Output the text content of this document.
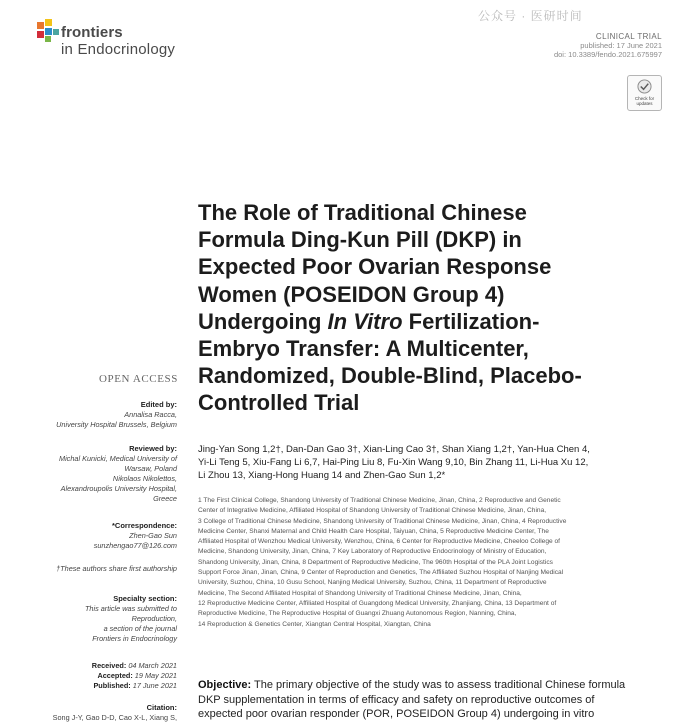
frontiers
in Endocrinology
公众号 · 医研时间
CLINICAL TRIAL
published: 17 June 2021
doi: 10.3389/fendo.2021.675997
Check for
updates
The Role of Traditional Chinese
Formula Ding-Kun Pill (DKP) in
Expected Poor Ovarian Response
Women (POSEIDON Group 4)
Undergoing In Vitro Fertilization-
Embryo Transfer: A Multicenter,
Randomized, Double-Blind, Placebo-
Controlled Trial
OPEN ACCESS
Edited by:
Annalisa Racca,
University Hospital Brussels, Belgium
Reviewed by:
Michal Kunicki, Medical University of
Warsaw, Poland
Nikolaos Nikolettos,
Alexandroupolis University Hospital,
Greece
*Correspondence:
Zhen-Gao Sun
sunzhengao77@126.com
†These authors share first authorship
Specialty section:
This article was submitted to
Reproduction,
a section of the journal
Frontiers in Endocrinology
Received: 04 March 2021
Accepted: 19 May 2021
Published: 17 June 2021
Citation:
Song J-Y, Gao D-D, Cao X-L, Xiang S,
Jing-Yan Song 1,2†, Dan-Dan Gao 3†, Xian-Ling Cao 3†, Shan Xiang 1,2†, Yan-Hua Chen 4,
Yi-Li Teng 5, Xiu-Fang Li 6,7, Hai-Ping Liu 8, Fu-Xin Wang 9,10, Bin Zhang 11, Li-Hua Xu 12,
Li Zhou 13, Xiang-Hong Huang 14 and Zhen-Gao Sun 1,2*
1 The First Clinical College, Shandong University of Traditional Chinese Medicine, Jinan, China, 2 Reproductive and Genetic
Center of Integrative Medicine, Affiliated Hospital of Shandong University of Traditional Chinese Medicine, Jinan, China,
3 College of Traditional Chinese Medicine, Shandong University of Traditional Chinese Medicine, Jinan, China, 4 Reproductive
Medicine Center, Shanxi Maternal and Child Health Care Hospital, Taiyuan, China, 5 Reproductive Medicine Center, The
Affiliated Hospital of Wenzhou Medical University, Wenzhou, China, 6 Center for Reproductive Medicine, Cheeloo College of
Medicine, Shandong University, Jinan, China, 7 Key Laboratory of Reproductive Endocrinology of Ministry of Education,
Shandong University, Jinan, China, 8 Department of Reproductive Medicine, The 960th Hospital of the PLA Joint Logistics
Support Force Jinan, Jinan, China, 9 Center of Reproduction and Genetics, The Affiliated Suzhou Hospital of Nanjing Medical
University, Suzhou, China, 10 Gusu School, Nanjing Medical University, Suzhou, China, 11 Department of Reproductive
Medicine, The Second Affiliated Hospital of Shandong University of Traditional Chinese Medicine, Jinan, China,
12 Reproductive Medicine Center, Affiliated Hospital of Guangdong Medical University, Zhanjiang, China, 13 Department of
Reproductive Medicine, The Reproductive Hospital of Guangxi Zhuang Autonomous Region, Nanning, China,
14 Reproduction & Genetics Center, Xiangtan Central Hospital, Xiangtan, China
Objective: The primary objective of the study was to assess traditional Chinese formula
DKP supplementation in terms of efficacy and safety on reproductive outcomes of
expected poor ovarian responder (POR, POSEIDON Group 4) undergoing in vitro
